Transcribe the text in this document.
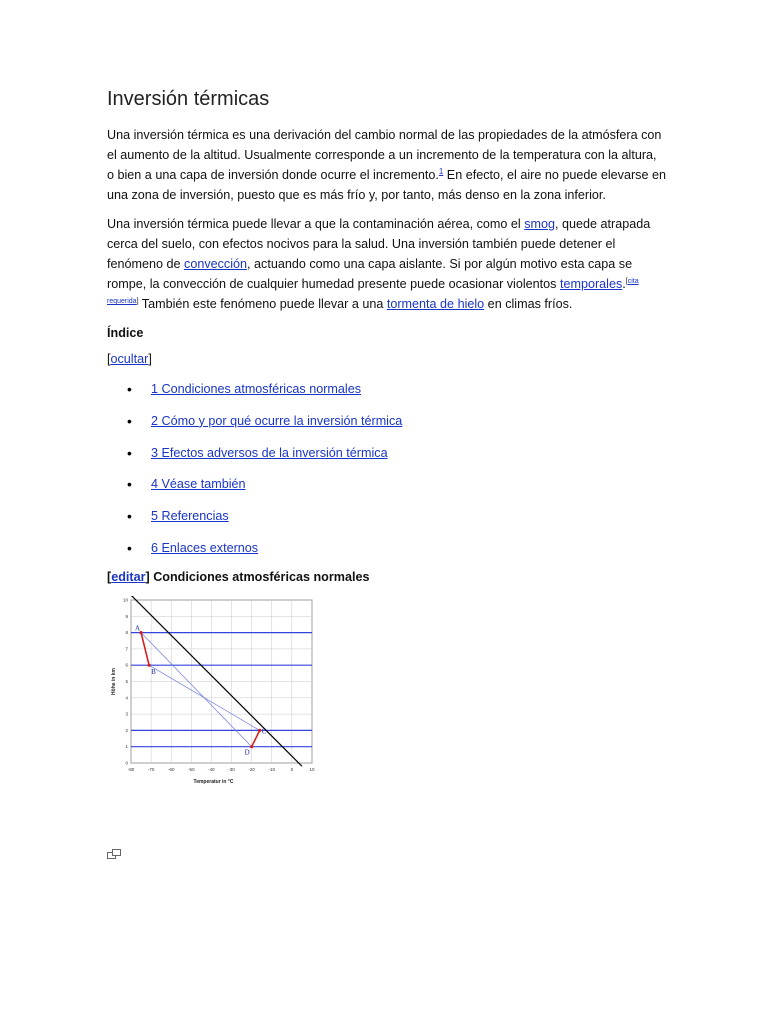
Inversión térmicas

Una inversión térmica es una derivación del cambio normal de las propiedades de la atmósfera con el aumento de la altitud. Usualmente corresponde a un incremento de la temperatura con la altura, o bien a una capa de inversión donde ocurre el incremento.$^1$ En efecto, el aire no puede elevarse en una zona de inversión, puesto que es más frío y, por tanto, más denso en la zona inferior.

Una inversión térmica puede llevar a que la contaminación aérea, como el smog, quede atrapada cerca del suelo, con efectos nocivos para la salud. Una inversión también puede detener el fenómeno de convección, actuando como una capa aislante. Si por algún motivo esta capa se rompe, la convección de cualquier humedad presente puede ocasionar violentos temporales.[cita requerida] También este fenómeno puede llevar a una tormenta de hielo en climas fríos.

Índice
[ocultar]
• 1 Condiciones atmosféricas normales
• 2 Cómo y por qué ocurre la inversión térmica
• 3 Efectos adversos de la inversión térmica
• 4 Véase también
• 5 Referencias
• 6 Enlaces externos
[editar] Condiciones atmosféricas normales
A
B
C
D
-80	-70	-60	-50	-40	-30	-20	-10	0	10
0
1
2
3
4
5
6
7
8
9
10
Temperatur in °C
Höhe in km
